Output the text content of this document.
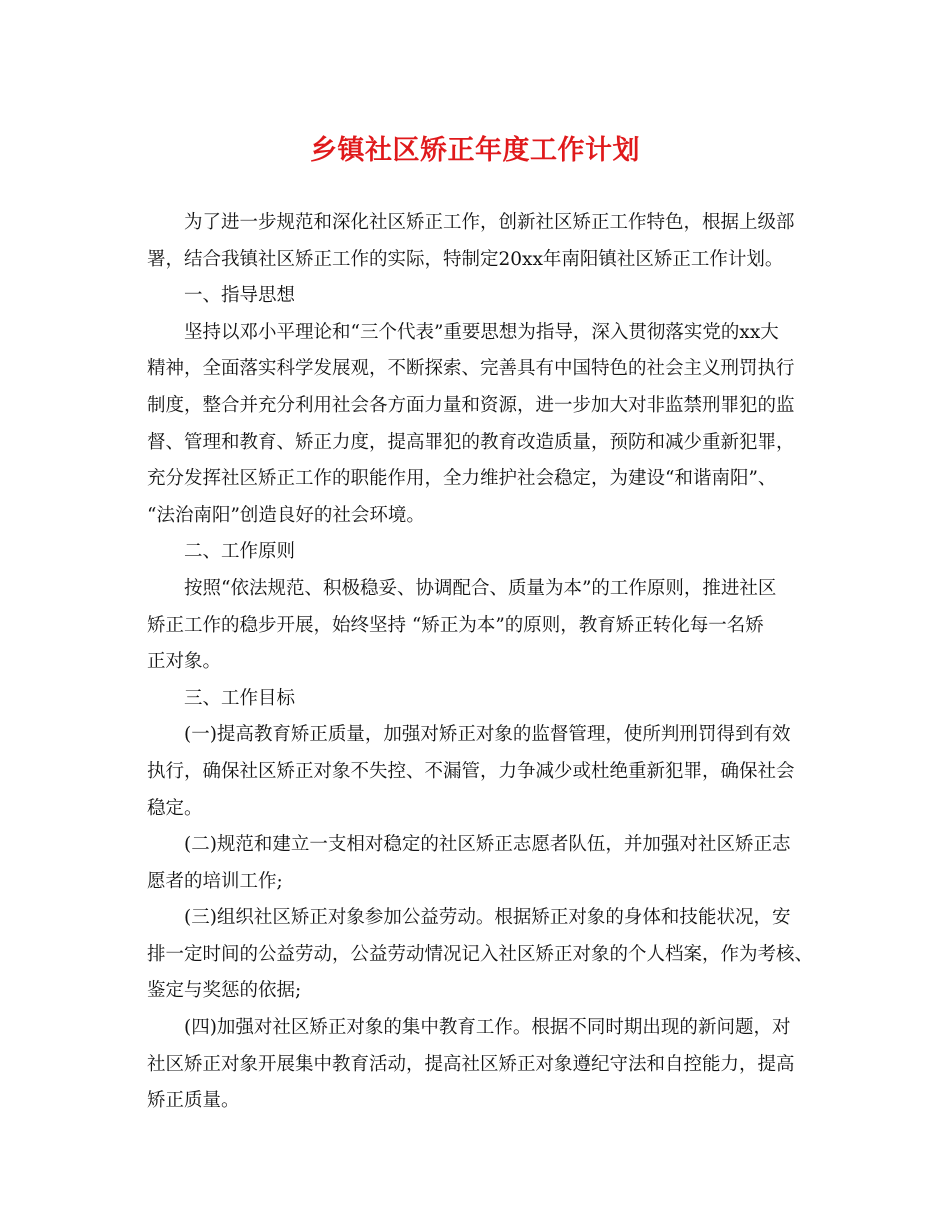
乡镇社区矫正年度工作计划
为了进一步规范和深化社区矫正工作，创新社区矫正工作特色，根据上级部
署，结合我镇社区矫正工作的实际，特制定20xx年南阳镇社区矫正工作计划。
一、指导思想
坚持以邓小平理论和“三个代表”重要思想为指导，深入贯彻落实党的xx大
精神，全面落实科学发展观，不断探索、完善具有中国特色的社会主义刑罚执行
制度，整合并充分利用社会各方面力量和资源，进一步加大对非监禁刑罪犯的监
督、管理和教育、矫正力度，提高罪犯的教育改造质量，预防和减少重新犯罪，
充分发挥社区矫正工作的职能作用，全力维护社会稳定，为建设“和谐南阳”、
“法治南阳”创造良好的社会环境。
二、工作原则
按照“依法规范、积极稳妥、协调配合、质量为本”的工作原则，推进社区
矫正工作的稳步开展，始终坚持 “矫正为本”的原则，教育矫正转化每一名矫
正对象。
三、工作目标
(一)提高教育矫正质量，加强对矫正对象的监督管理，使所判刑罚得到有效
执行，确保社区矫正对象不失控、不漏管，力争减少或杜绝重新犯罪，确保社会
稳定。
(二)规范和建立一支相对稳定的社区矫正志愿者队伍，并加强对社区矫正志
愿者的培训工作;
(三)组织社区矫正对象参加公益劳动。根据矫正对象的身体和技能状况，安
排一定时间的公益劳动，公益劳动情况记入社区矫正对象的个人档案，作为考核、
鉴定与奖惩的依据;
(四)加强对社区矫正对象的集中教育工作。根据不同时期出现的新问题，对
社区矫正对象开展集中教育活动，提高社区矫正对象遵纪守法和自控能力，提高
矫正质量。
